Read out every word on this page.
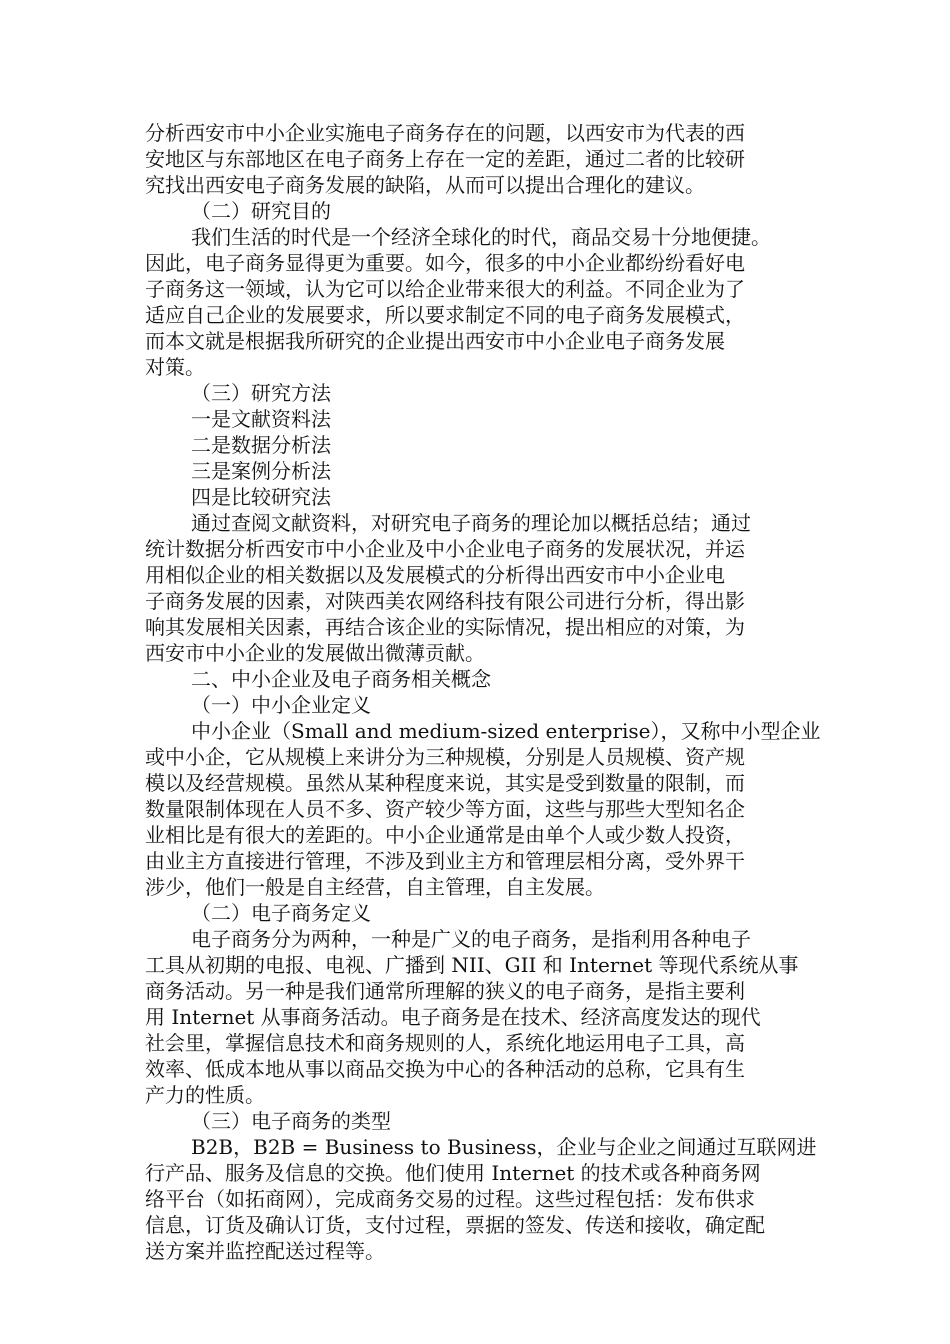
分析西安市中小企业实施电子商务存在的问题，以西安市为代表的西
安地区与东部地区在电子商务上存在一定的差距，通过二者的比较研
究找出西安电子商务发展的缺陷，从而可以提出合理化的建议。
（二）研究目的
我们生活的时代是一个经济全球化的时代，商品交易十分地便捷。
因此，电子商务显得更为重要。如今，很多的中小企业都纷纷看好电
子商务这一领域，认为它可以给企业带来很大的利益。不同企业为了
适应自己企业的发展要求，所以要求制定不同的电子商务发展模式，
而本文就是根据我所研究的企业提出西安市中小企业电子商务发展
对策。
（三）研究方法
一是文献资料法
二是数据分析法
三是案例分析法
四是比较研究法
通过查阅文献资料，对研究电子商务的理论加以概括总结；通过
统计数据分析西安市中小企业及中小企业电子商务的发展状况，并运
用相似企业的相关数据以及发展模式的分析得出西安市中小企业电
子商务发展的因素，对陕西美农网络科技有限公司进行分析，得出影
响其发展相关因素，再结合该企业的实际情况，提出相应的对策，为
西安市中小企业的发展做出微薄贡献。
二、中小企业及电子商务相关概念
（一）中小企业定义
中小企业（Small and medium-sized enterprise），又称中小型企业
或中小企，它从规模上来讲分为三种规模，分别是人员规模、资产规
模以及经营规模。虽然从某种程度来说，其实是受到数量的限制，而
数量限制体现在人员不多、资产较少等方面，这些与那些大型知名企
业相比是有很大的差距的。中小企业通常是由单个人或少数人投资，
由业主方直接进行管理，不涉及到业主方和管理层相分离，受外界干
涉少，他们一般是自主经营，自主管理，自主发展。
（二）电子商务定义
电子商务分为两种，一种是广义的电子商务，是指利用各种电子
工具从初期的电报、电视、广播到 NII、GII 和 Internet 等现代系统从事
商务活动。另一种是我们通常所理解的狭义的电子商务，是指主要利
用 Internet 从事商务活动。电子商务是在技术、经济高度发达的现代
社会里，掌握信息技术和商务规则的人，系统化地运用电子工具，高
效率、低成本地从事以商品交换为中心的各种活动的总称，它具有生
产力的性质。
（三）电子商务的类型
B2B，B2B = Business to Business，企业与企业之间通过互联网进
行产品、服务及信息的交换。他们使用 Internet 的技术或各种商务网
络平台（如拓商网），完成商务交易的过程。这些过程包括：发布供求
信息，订货及确认订货，支付过程，票据的签发、传送和接收，确定配
送方案并监控配送过程等。
